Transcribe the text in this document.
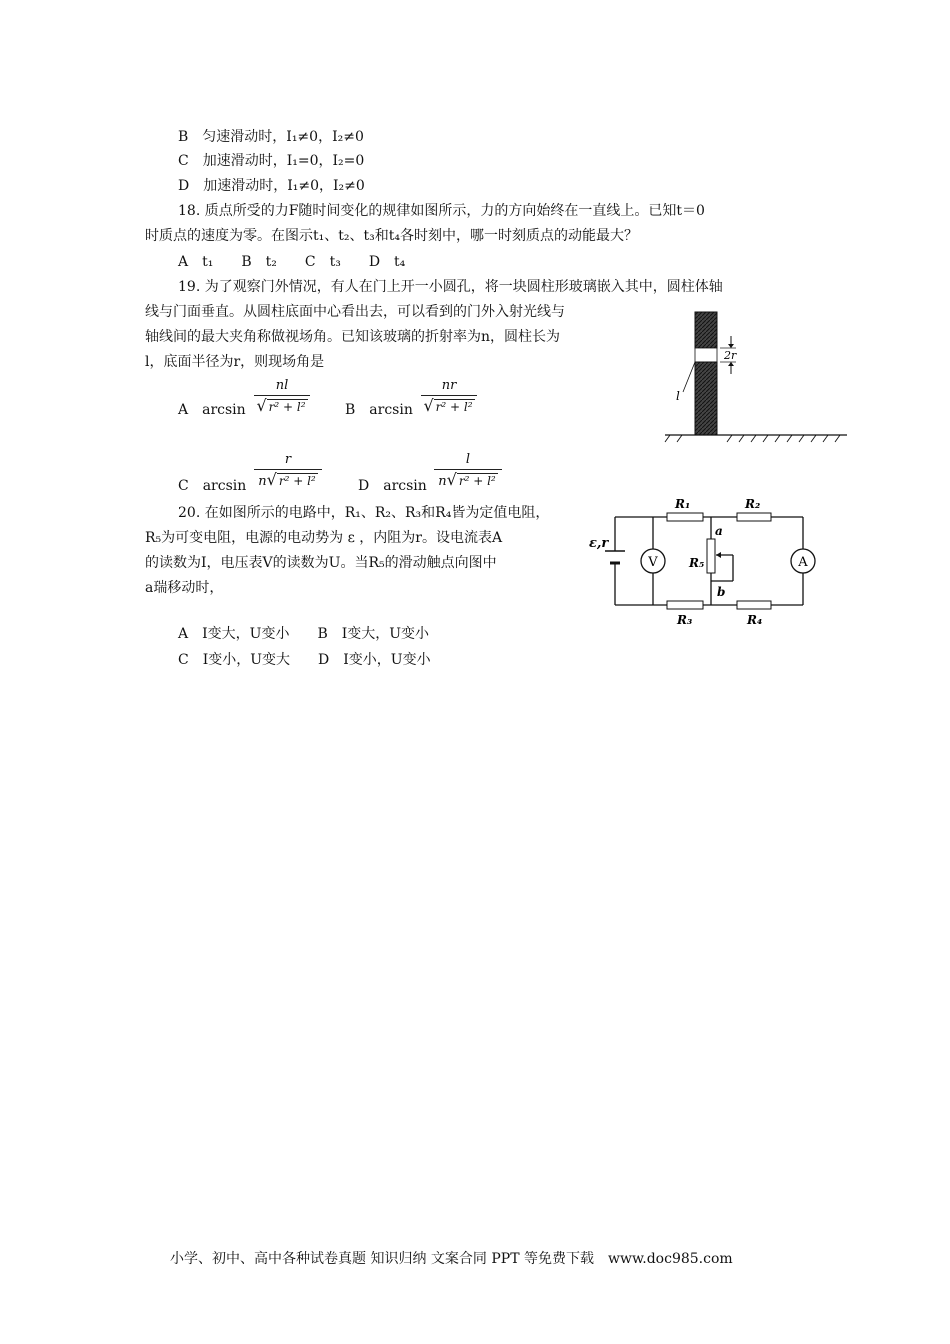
B　匀速滑动时，I₁≠0，I₂≠0
C　加速滑动时，I₁=0，I₂=0
D　加速滑动时，I₁≠0，I₂≠0
18. 质点所受的力F随时间变化的规律如图所示，力的方向始终在一直线上。已知t＝0
时质点的速度为零。在图示t₁、t₂、t₃和t₄各时刻中，哪一时刻质点的动能最大？
A　t₁　　B　t₂　　C　t₃　　D　t₄
19. 为了观察门外情况，有人在门上开一小圆孔，将一块圆柱形玻璃嵌入其中，圆柱体轴
线与门面垂直。从圆柱底面中心看出去，可以看到的门外入射光线与
轴线间的最大夹角称做视场角。已知该玻璃的折射率为n，圆柱长为
l，底面半径为r，则现场角是
A　arcsin
nl
√ r² + l²	B　arcsin
nr
√ r² + l²
C　arcsin
r
n√ r² + l²	D　arcsin
l
n√ r² + l²
2r
l
20. 在如图所示的电路中，R₁、R₂、R₃和R₄皆为定值电阻，
R₅为可变电阻，电源的电动势为 ε ，内阻为r。设电流表A
的读数为I，电压表V的读数为U。当R₅的滑动触点向图中
a瑞移动时，
A　I变大，U变小　　B　I变大，U变小
C　I变小，U变大　　D　I变小，U变小
ε,r
V	A
R₁	R₂
R₃	R₄
R₅
a
b
小学、初中、高中各种试卷真题 知识归纳 文案合同 PPT 等免费下载　www.doc985.com
